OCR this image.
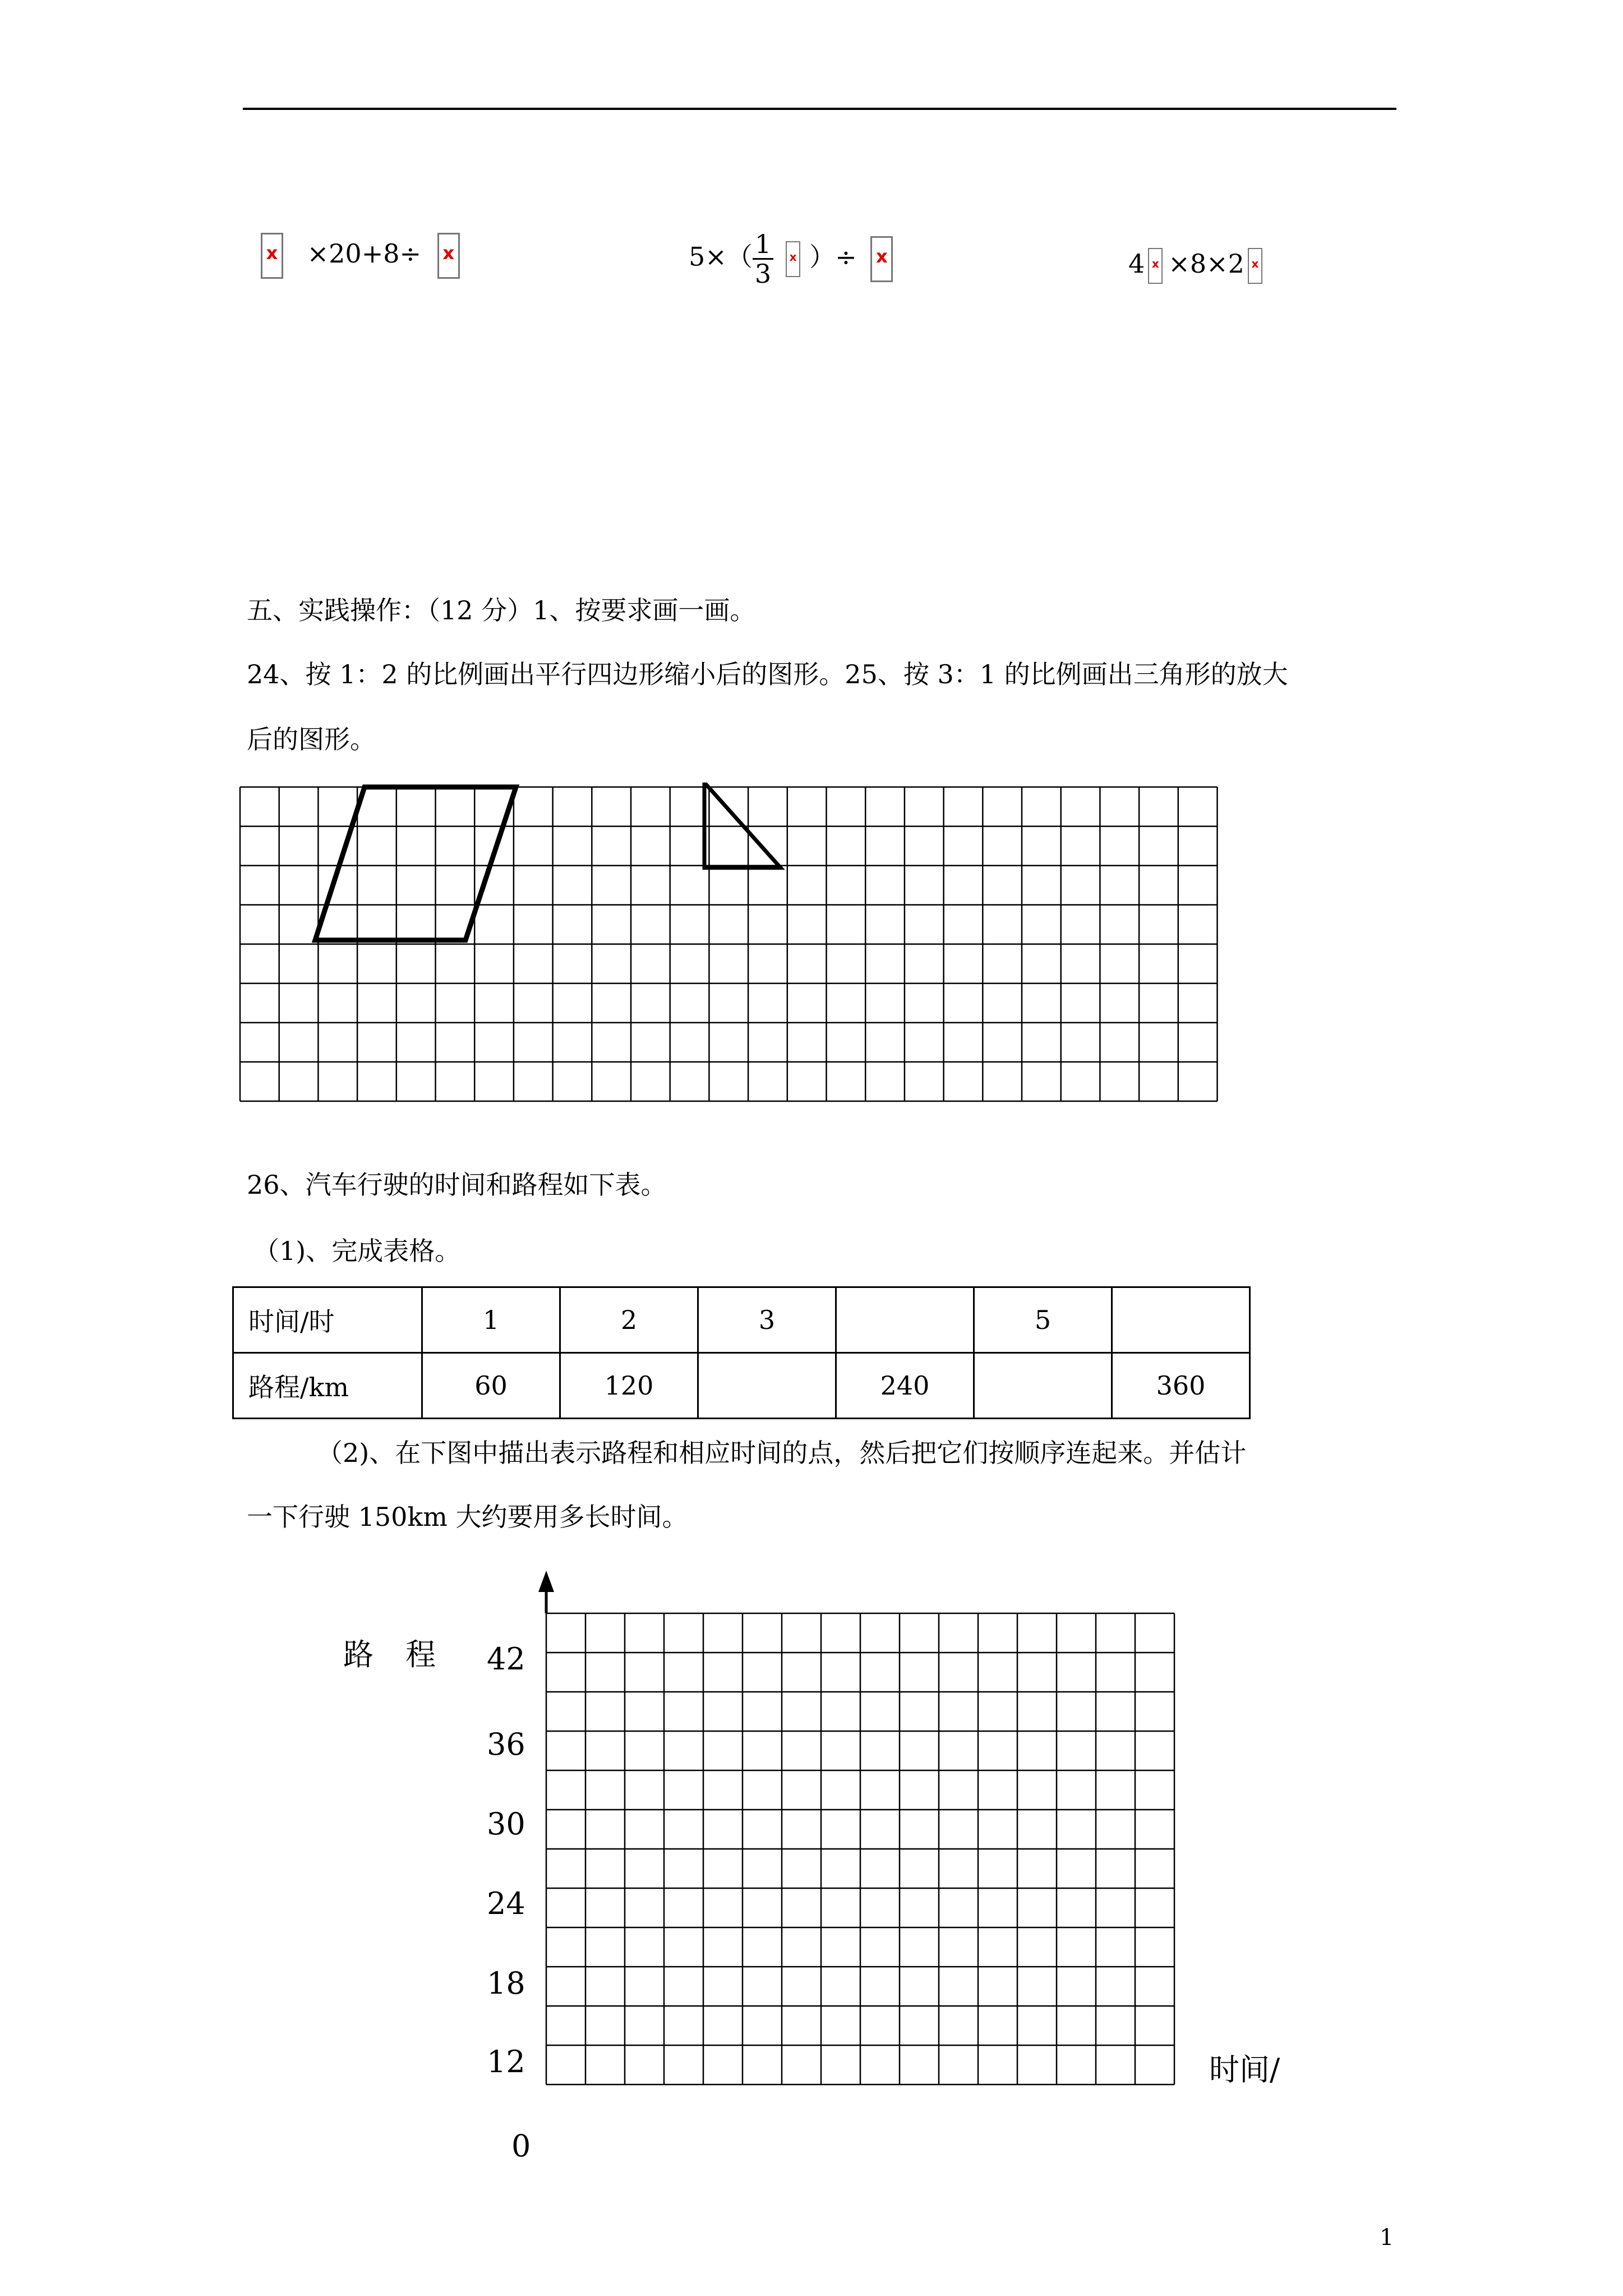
x ×20+8÷ x	$5\times( \frac{1}{3}$ x ）÷ x	4 x ×8×2 x
五、实践操作：（12 分）1、按要求画一画。
24、按 1：2 的比例画出平行四边形缩小后的图形。25、按 3：1 的比例画出三角形的放大
后的图形。
26、汽车行驶的时间和路程如下表。
（1)、完成表格。
时间/时	1	2	3		5	
路程/km	60	120		240		360
（2)、在下图中描出表示路程和相应时间的点，然后把它们按顺序连起来。并估计
一下行驶 150km 大约要用多长时间。
路 程 42
36
30
24
18
12
0
时间/
1
